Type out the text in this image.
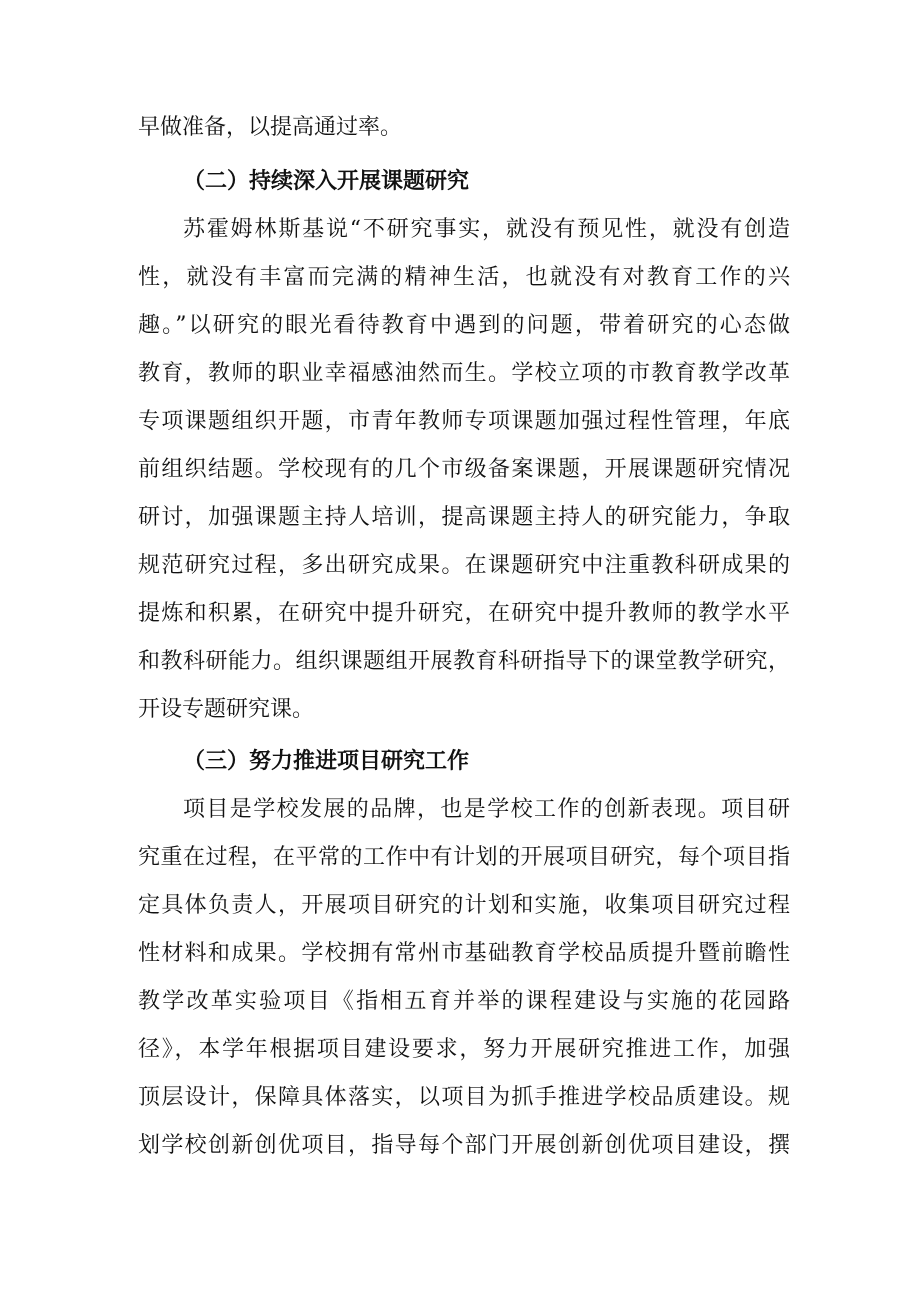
早做准备，以提高通过率。
（二）持续深入开展课题研究
苏霍姆林斯基说“不研究事实，就没有预见性，就没有创造
性，就没有丰富而完满的精神生活，也就没有对教育工作的兴
趣。”以研究的眼光看待教育中遇到的问题，带着研究的心态做
教育，教师的职业幸福感油然而生。学校立项的市教育教学改革
专项课题组织开题，市青年教师专项课题加强过程性管理，年底
前组织结题。学校现有的几个市级备案课题，开展课题研究情况
研讨，加强课题主持人培训，提高课题主持人的研究能力，争取
规范研究过程，多出研究成果。在课题研究中注重教科研成果的
提炼和积累，在研究中提升研究，在研究中提升教师的教学水平
和教科研能力。组织课题组开展教育科研指导下的课堂教学研究，
开设专题研究课。
（三）努力推进项目研究工作
项目是学校发展的品牌，也是学校工作的创新表现。项目研
究重在过程，在平常的工作中有计划的开展项目研究，每个项目指
定具体负责人，开展项目研究的计划和实施，收集项目研究过程
性材料和成果。学校拥有常州市基础教育学校品质提升暨前瞻性
教学改革实验项目《指相五育并举的课程建设与实施的花园路
径》，本学年根据项目建设要求，努力开展研究推进工作，加强
顶层设计，保障具体落实，以项目为抓手推进学校品质建设。规
划学校创新创优项目，指导每个部门开展创新创优项目建设，撰
